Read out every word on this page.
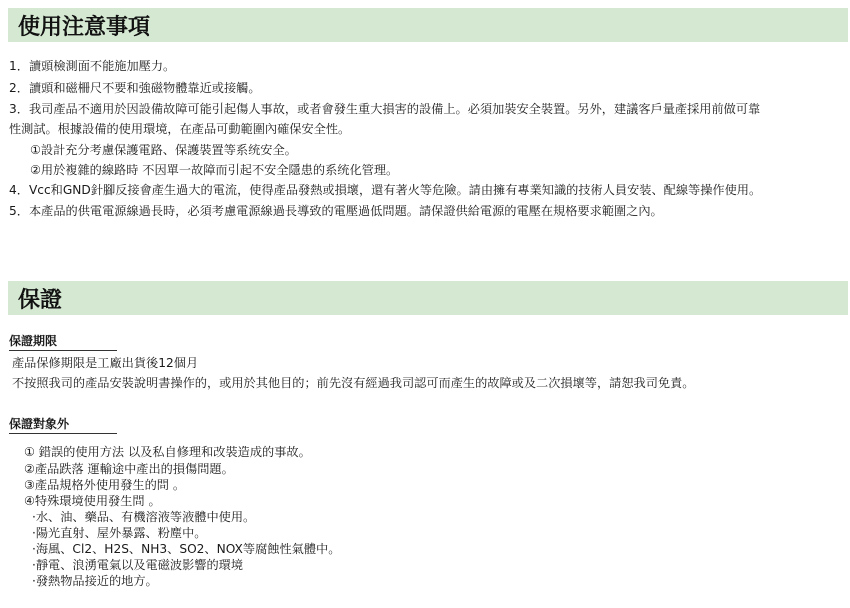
使用注意事項
1．讀頭檢測面不能施加壓力。
2．讀頭和磁柵尺不要和強磁物體靠近或接觸。
3．我司產品不適用於因設備故障可能引起傷人事故，或者會發生重大損害的設備上。必須加裝安全裝置。另外，建議客戶量產採用前做可靠
性測試。根據設備的使用環境，在產品可動範圍內確保安全性。
①設計充分考慮保護電路、保護裝置等系统安全。
②用於複雜的線路時 不因單一故障而引起不安全隱患的系统化管理。
4．Vcc和GND針腳反接會產生過大的電流，使得產品發熱或損壞，還有著火等危險。請由擁有專業知識的技術人員安装、配線等操作使用。
5．本產品的供電電源線過長時，必須考慮電源線過長導致的電壓過低問題。請保證供給電源的電壓在規格要求範圍之內。
保證
保證期限
產品保修期限是工廠出貨後12個月
不按照我司的產品安裝說明書操作的，或用於其他目的；前先沒有經過我司認可而產生的故障或及二次損壞等，請恕我司免責。
保證對象外
① 錯誤的使用方法 以及私自修理和改裝造成的事故。
②產品跌落 運輸途中產出的損傷問題。
③產品規格外使用發生的問 。
④特殊環境使用發生問 。
·水、油、藥品、有機溶液等液體中使用。
·陽光直射、屋外暴露、粉塵中。
·海風、Cl2、H2S、NH3、SO2、NOX等腐蝕性氣體中。
·靜電、浪湧電氣以及電磁波影響的環境
·發熱物品接近的地方。
